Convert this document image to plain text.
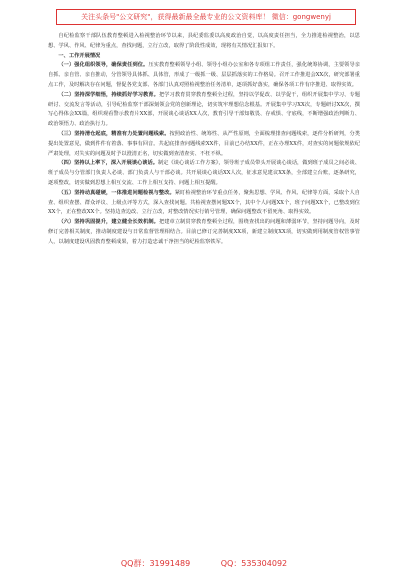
关注头条号"公文研究"，获得最新最全最专业的公文资料库！ 微信：gongwenyj

自纪检监察干部队伍教育整顿进入检视整治环节以来，县纪委监委以高度政治自觉，以高度责任担当，全力推进检视整治，以思想、学风、作风、纪律为重点，查找问题，立行立改，取得了阶段性成效，现将有关情况汇报如下。

一、工作开展情况

（一）强化组织领导，确保责任到位。压实教育整顿领导小组、领导小组办公室和各专项组工作责任，强化统筹协调，主要领导亲自抓、亲自管、亲自推动，分管领导具体抓、具体管，形成了一级抓一级、层层抓落实的工作格局。召开工作推进会XX次，研究部署重点工作，及时解决存在问题，督促各党支部、各部门认真对照检视整治任务清单，逐项抓好落实，确保各项工作有序推进、取得实效。

（二）坚持深学细悟，持续抓好学习教育。把学习教育贯穿教育整顿全过程，坚持以学促改、以学促干，组织开展集中学习、专题研讨、交流发言等活动，引导纪检监察干部深刻领会党的创新理论，切实筑牢理想信念根基。开展集中学习XX次，专题研讨XX次，撰写心得体会XX篇，组织观看警示教育片XX部，开展谈心谈话XX人次，教育引导干部知敬畏、存戒惧、守底线，不断增强政治判断力、政治领悟力、政治执行力。

（三）坚持清仓起底，精准有力处置问题线索。按照政治性、统筹性、从严性原则，全面梳理排查问题线索，逐件分析研判，分类提出处置意见，做到件件有着落、事事有回音。共起底排查问题线索XX件，目前已办结XX件，正在办理XX件，对查实的问题依规依纪严肃处理，对失实的问题及时予以澄清正名，切实做到查清查实、不枉不纵。

（四）坚持以上率下，深入开展谈心谈话。制定《谈心谈话工作方案》，领导班子成员带头开展谈心谈话，做到班子成员之间必谈、班子成员与分管部门负责人必谈、部门负责人与干部必谈。共开展谈心谈话XX人次，征求意见建议XX条，全部建立台账，逐条研究，逐项整改，切实做到思想上相互交流、工作上相互支持、问题上相互提醒。

（五）坚持动真碰硬，一体推进问题检视与整改。紧盯检视整治环节重点任务，聚焦思想、学风、作风、纪律等方面，采取个人自查、组织查摆、群众评议、上级点评等方式，深入查找问题。共检视查摆问题XX个，其中个人问题XX个，班子问题XX个，已整改到位XX个，正在整改XX个。坚持边查边改、立行立改，对整改情况实行销号管理，确保问题整改不留死角、取得实效。

（六）坚持巩固提升，建立健全长效机制。把建章立制贯穿教育整顿全过程，围绕查找出的问题和薄弱环节，坚持问题导向，及时修订完善相关制度，推动制度建设与日常监督管理相结合。目前已修订完善制度XX项，新建立制度XX项，切实做到用制度管权管事管人，以制度建设巩固教育整顿成果，着力打造忠诚干净担当的纪检监察铁军。

QQ群：31991489	QQ：535304092
